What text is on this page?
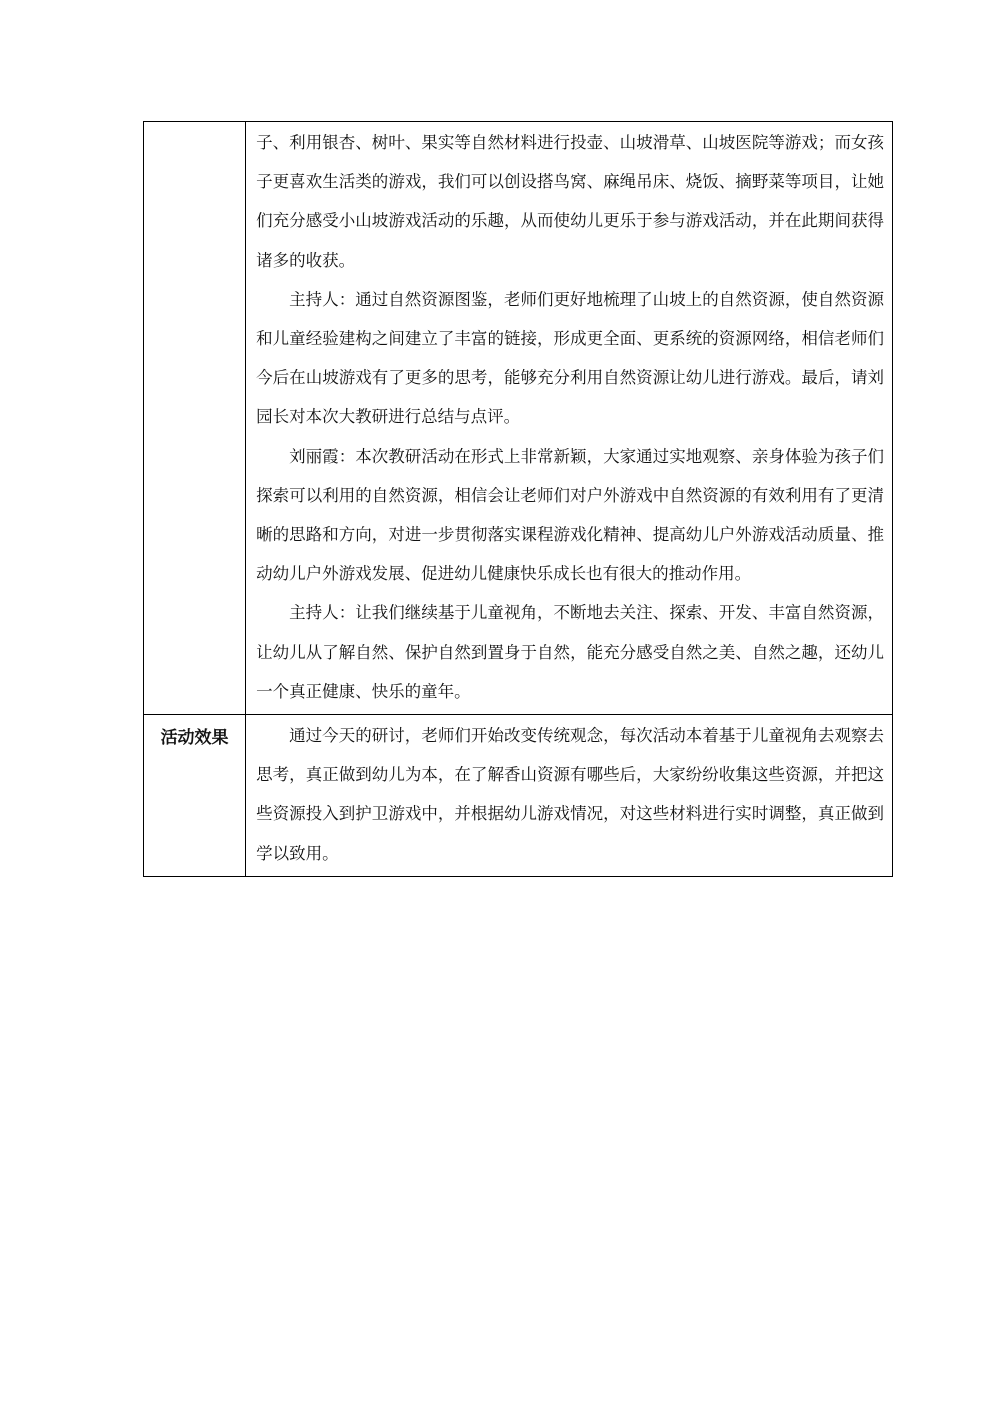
	子、利用银杏、树叶、果实等自然材料进行投壶、山坡滑草、山坡医院等游戏；而女孩子更喜欢生活类的游戏，我们可以创设搭鸟窝、麻绳吊床、烧饭、摘野菜等项目，让她们充分感受小山坡游戏活动的乐趣，从而使幼儿更乐于参与游戏活动，并在此期间获得诸多的收获。

主持人：通过自然资源图鉴，老师们更好地梳理了山坡上的自然资源，使自然资源和儿童经验建构之间建立了丰富的链接，形成更全面、更系统的资源网络，相信老师们今后在山坡游戏有了更多的思考，能够充分利用自然资源让幼儿进行游戏。最后，请刘园长对本次大教研进行总结与点评。

刘丽霞：本次教研活动在形式上非常新颖，大家通过实地观察、亲身体验为孩子们探索可以利用的自然资源，相信会让老师们对户外游戏中自然资源的有效利用有了更清晰的思路和方向，对进一步贯彻落实课程游戏化精神、提高幼儿户外游戏活动质量、推动幼儿户外游戏发展、促进幼儿健康快乐成长也有很大的推动作用。

主持人：让我们继续基于儿童视角，不断地去关注、探索、开发、丰富自然资源，让幼儿从了解自然、保护自然到置身于自然，能充分感受自然之美、自然之趣，还幼儿一个真正健康、快乐的童年。

活动效果	通过今天的研讨，老师们开始改变传统观念，每次活动本着基于儿童视角去观察去思考，真正做到幼儿为本，在了解香山资源有哪些后，大家纷纷收集这些资源，并把这些资源投入到护卫游戏中，并根据幼儿游戏情况，对这些材料进行实时调整，真正做到学以致用。
